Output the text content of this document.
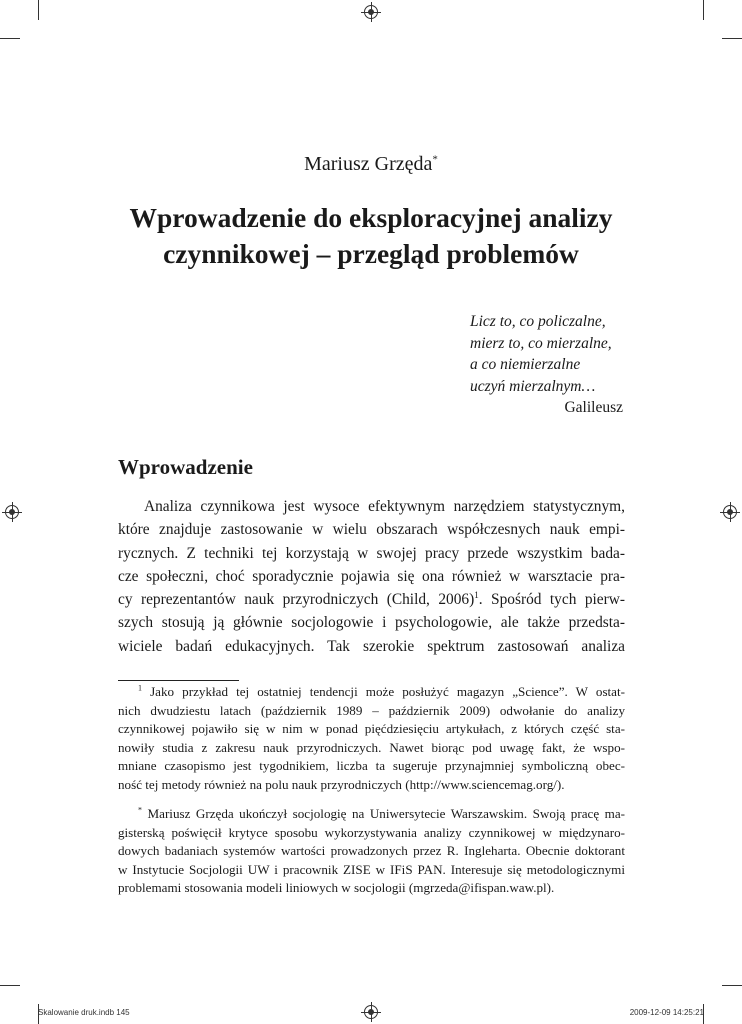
Mariusz Grzęda*
Wprowadzenie do eksploracyjnej analizy
czynnikowej – przegląd problemów
Licz to, co policzalne,
mierz to, co mierzalne,
a co niemierzalne
uczyń mierzalnym…
Galileusz
Wprowadzenie
Analiza czynnikowa jest wysoce efektywnym narzędziem statystycznym,
które znajduje zastosowanie w wielu obszarach współczesnych nauk empi-
rycznych. Z techniki tej korzystają w swojej pracy przede wszystkim bada-
cze społeczni, choć sporadycznie pojawia się ona również w warsztacie pra-
cy reprezentantów nauk przyrodniczych (Child, 2006)$^1$. Spośród tych pierw-
szych stosują ją głównie socjologowie i psychologowie, ale także przedsta-
wiciele badań edukacyjnych. Tak szerokie spektrum zastosowań analiza
$^1$ Jako przykład tej ostatniej tendencji może posłużyć magazyn „Science”. W ostat-
nich dwudziestu latach (październik 1989 – październik 2009) odwołanie do analizy
czynnikowej pojawiło się w nim w ponad pięćdziesięciu artykułach, z których część sta-
nowiły studia z zakresu nauk przyrodniczych. Nawet biorąc pod uwagę fakt, że wspo-
mniane czasopismo jest tygodnikiem, liczba ta sugeruje przynajmniej symboliczną obec-
ność tej metody również na polu nauk przyrodniczych (http://www.sciencemag.org/).
* Mariusz Grzęda ukończył socjologię na Uniwersytecie Warszawskim. Swoją pracę ma-
gisterską poświęcił krytyce sposobu wykorzystywania analizy czynnikowej w międzynaro-
dowych badaniach systemów wartości prowadzonych przez R. Ingleharta. Obecnie doktorant
w Instytucie Socjologii UW i pracownik ZISE w IFiS PAN. Interesuje się metodologicznymi
problemami stosowania modeli liniowych w socjologii (mgrzeda@ifispan.waw.pl).
Skalowanie druk.indb 145	2009-12-09 14:25:21
